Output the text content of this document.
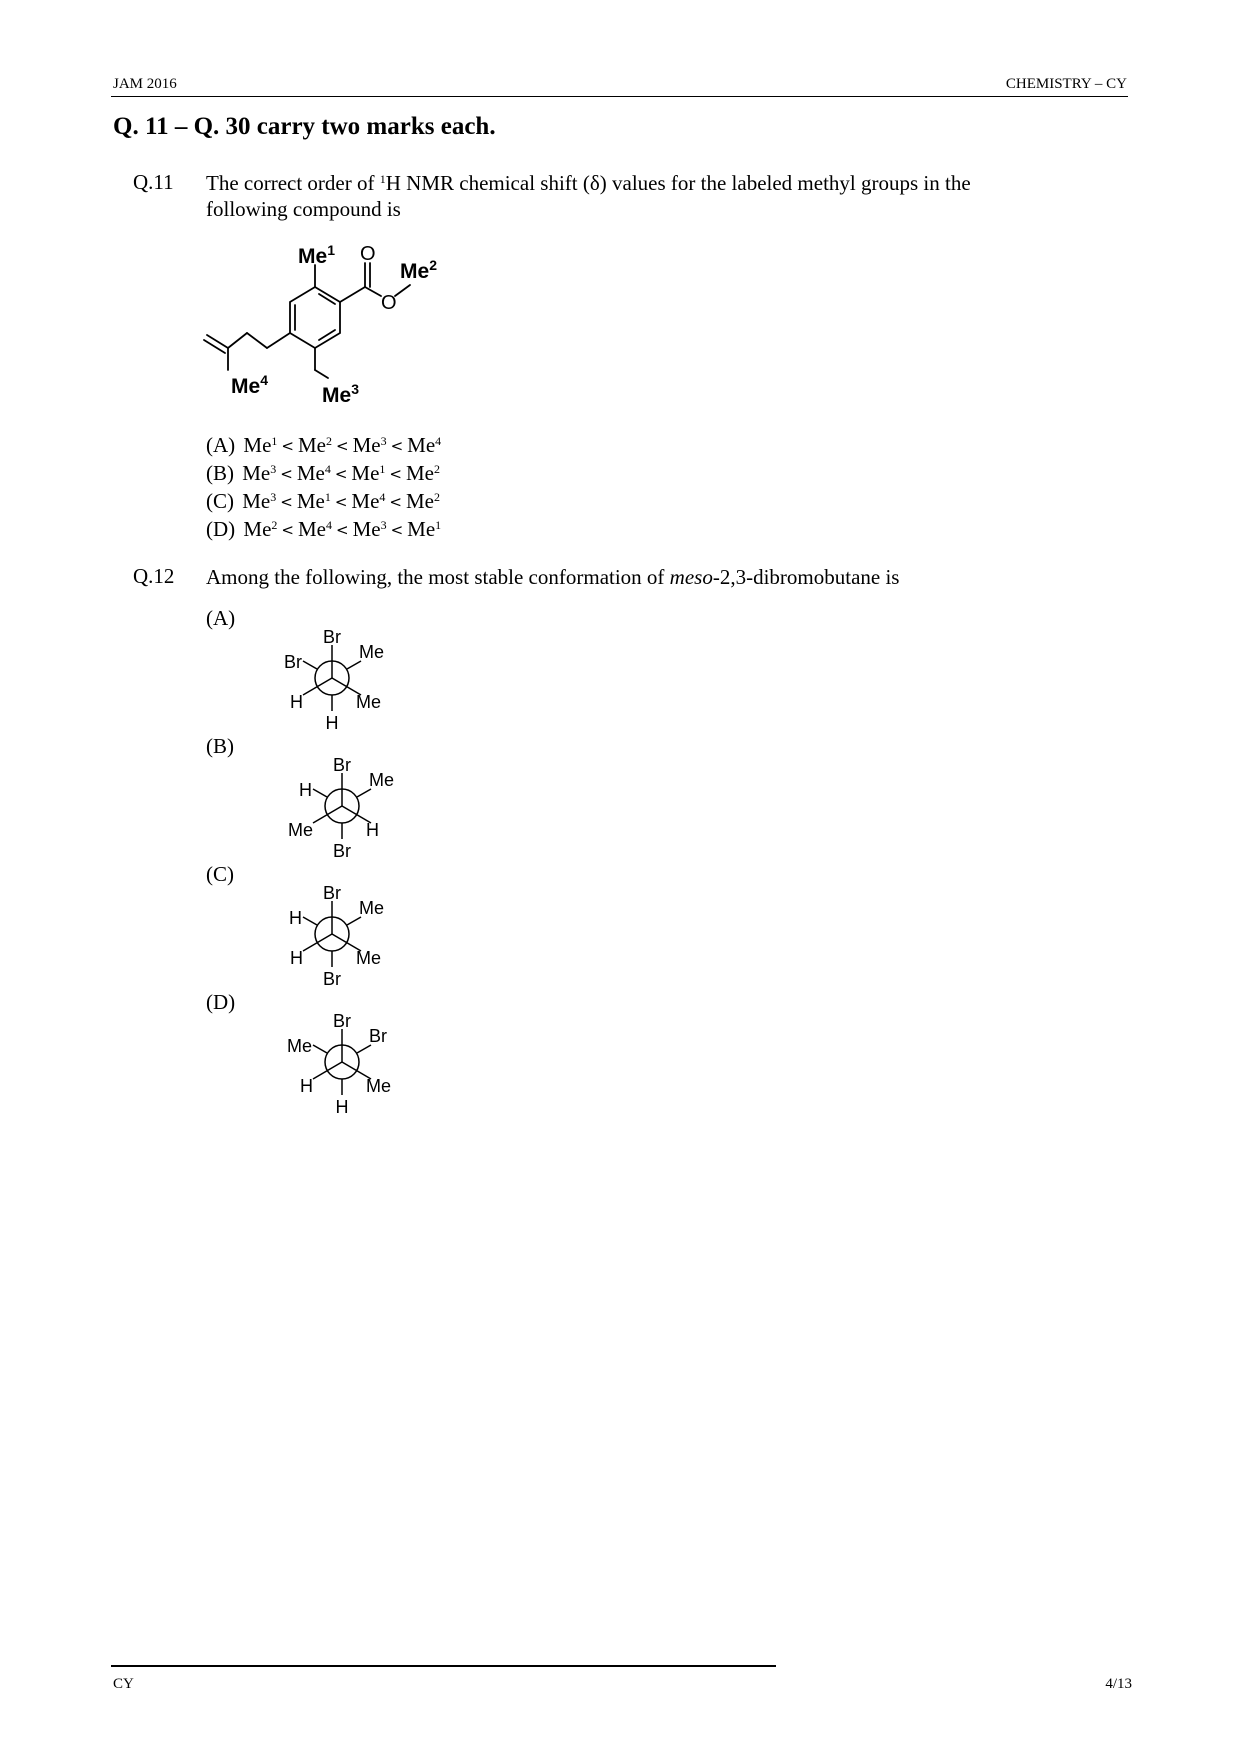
JAM 2016	CHEMISTRY – CY
Q. 11 – Q. 30 carry two marks each.
Q.11 The correct order of $^1$H NMR chemical shift (δ) values for the labeled methyl groups in the
following compound is
Me$^1$
Me$^2$
Me$^3$
Me$^4$
O
O
(A) $Me^1 < Me^2 < Me^3 < Me^4$
(B) $Me^3 < Me^4 < Me^1 < Me^2$
(C) $Me^3 < Me^1 < Me^4 < Me^2$
(D) $Me^2 < Me^4 < Me^3 < Me^1$
Q.12 Among the following, the most stable conformation of meso-2,3-dibromobutane is
(A)
(B)
(C)
(D)
Br
Br	Me
H	Me
H
Br
H	Me
Me	H
Br
Br
H	Me
H	Me
Br
Br
Me	Br
H	Me
H
CY	4/13
